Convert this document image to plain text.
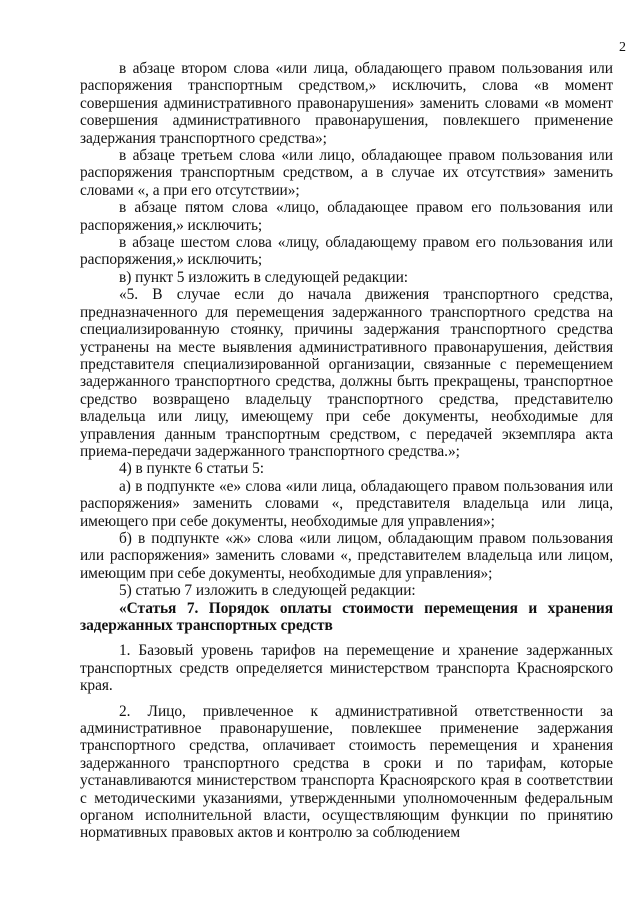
2

в абзаце втором слова «или лица, обладающего правом пользования или распоряжения транспортным средством,» исключить, слова «в момент совершения административного правонарушения» заменить словами «в момент совершения административного правонарушения, повлекшего применение задержания транспортного средства»;

в абзаце третьем слова «или лицо, обладающее правом пользования или распоряжения транспортным средством, а в случае их отсутствия» заменить словами «, а при его отсутствии»;

в абзаце пятом слова «лицо, обладающее правом его пользования или распоряжения,» исключить;

в абзаце шестом слова «лицу, обладающему правом его пользования или распоряжения,» исключить;

в) пункт 5 изложить в следующей редакции:

«5. В случае если до начала движения транспортного средства, предназначенного для перемещения задержанного транспортного средства на специализированную стоянку, причины задержания транспортного средства устранены на месте выявления административного правонарушения, действия представителя специализированной организации, связанные с перемещением задержанного транспортного средства, должны быть прекращены, транспортное средство возвращено владельцу транспортного средства, представителю владельца или лицу, имеющему при себе документы, необходимые для управления данным транспортным средством, с передачей экземпляра акта приема-передачи задержанного транспортного средства.»;

4) в пункте 6 статьи 5:

а) в подпункте «е» слова «или лица, обладающего правом пользования или распоряжения» заменить словами «, представителя владельца или лица, имеющего при себе документы, необходимые для управления»;

б) в подпункте «ж» слова «или лицом, обладающим правом пользования или распоряжения» заменить словами «, представителем владельца или лицом, имеющим при себе документы, необходимые для управления»;

5) статью 7 изложить в следующей редакции:

«Статья 7. Порядок оплаты стоимости перемещения и хранения задержанных транспортных средств

1. Базовый уровень тарифов на перемещение и хранение задержанных транспортных средств определяется министерством транспорта Красноярского края.

2. Лицо, привлеченное к административной ответственности за административное правонарушение, повлекшее применение задержания транспортного средства, оплачивает стоимость перемещения и хранения задержанного транспортного средства в сроки и по тарифам, которые устанавливаются министерством транспорта Красноярского края в соответствии с методическими указаниями, утвержденными уполномоченным федеральным органом исполнительной власти, осуществляющим функции по принятию нормативных правовых актов и контролю за соблюдением
